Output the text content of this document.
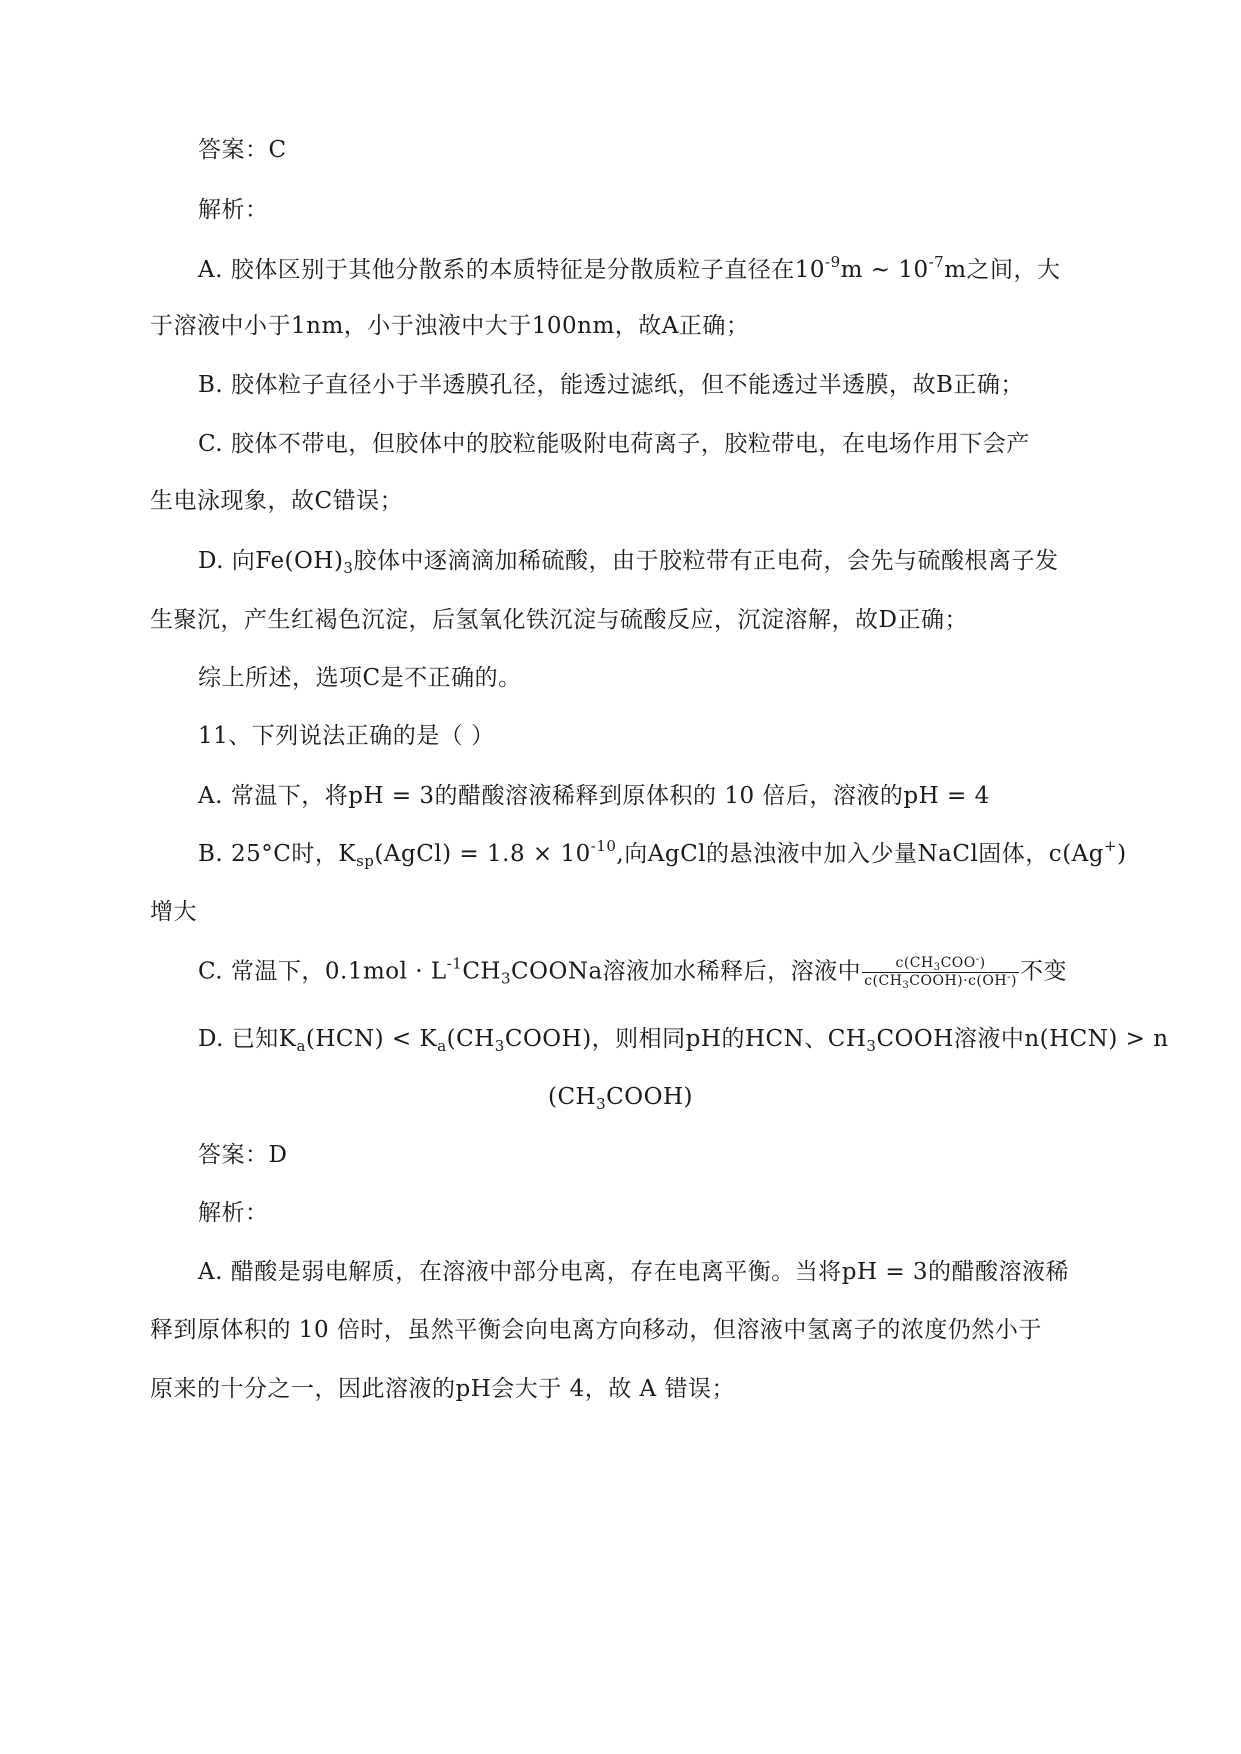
答案：C
解析：
A. 胶体区别于其他分散系的本质特征是分散质粒子直径在$10^{-9}m$ ~ $10^{-7}m$之间，大
于溶液中小于1nm，小于浊液中大于100nm，故A正确；
B. 胶体粒子直径小于半透膜孔径，能透过滤纸，但不能透过半透膜，故B正确；
C. 胶体不带电，但胶体中的胶粒能吸附电荷离子，胶粒带电，在电场作用下会产
生电泳现象，故C错误；
D. 向$Fe(OH)_3$胶体中逐滴滴加稀硫酸，由于胶粒带有正电荷，会先与硫酸根离子发
生聚沉，产生红褐色沉淀，后氢氧化铁沉淀与硫酸反应，沉淀溶解，故D正确；
综上所述，选项C是不正确的。
11、下列说法正确的是（ ）
A. 常温下，将pH = 3的醋酸溶液稀释到原体积的 10 倍后，溶液的pH = 4
B. 25°C时，$K_{sp}(AgCl) = 1.8 \times 10^{-10}$,向AgCl的悬浊液中加入少量NaCl固体，c(Ag+)
增大
C. 常温下，$0.1mol \cdot L^{-1}CH_3COONa$溶液加水稀释后，溶液中 $\frac{c(CH_3COO^-)}{c(CH_3COOH)\cdot c(OH^-)}$ 不变
D. 已知$K_a(HCN)$ < $K_a(CH_3COOH)$，则相同pH的HCN、$CH_3COOH$溶液中n(HCN) > n
$(CH_3COOH)$
答案：D
解析：
A. 醋酸是弱电解质，在溶液中部分电离，存在电离平衡。当将pH = 3的醋酸溶液稀
释到原体积的 10 倍时，虽然平衡会向电离方向移动，但溶液中氢离子的浓度仍然小于
原来的十分之一，因此溶液的pH会大于 4，故 A 错误；
